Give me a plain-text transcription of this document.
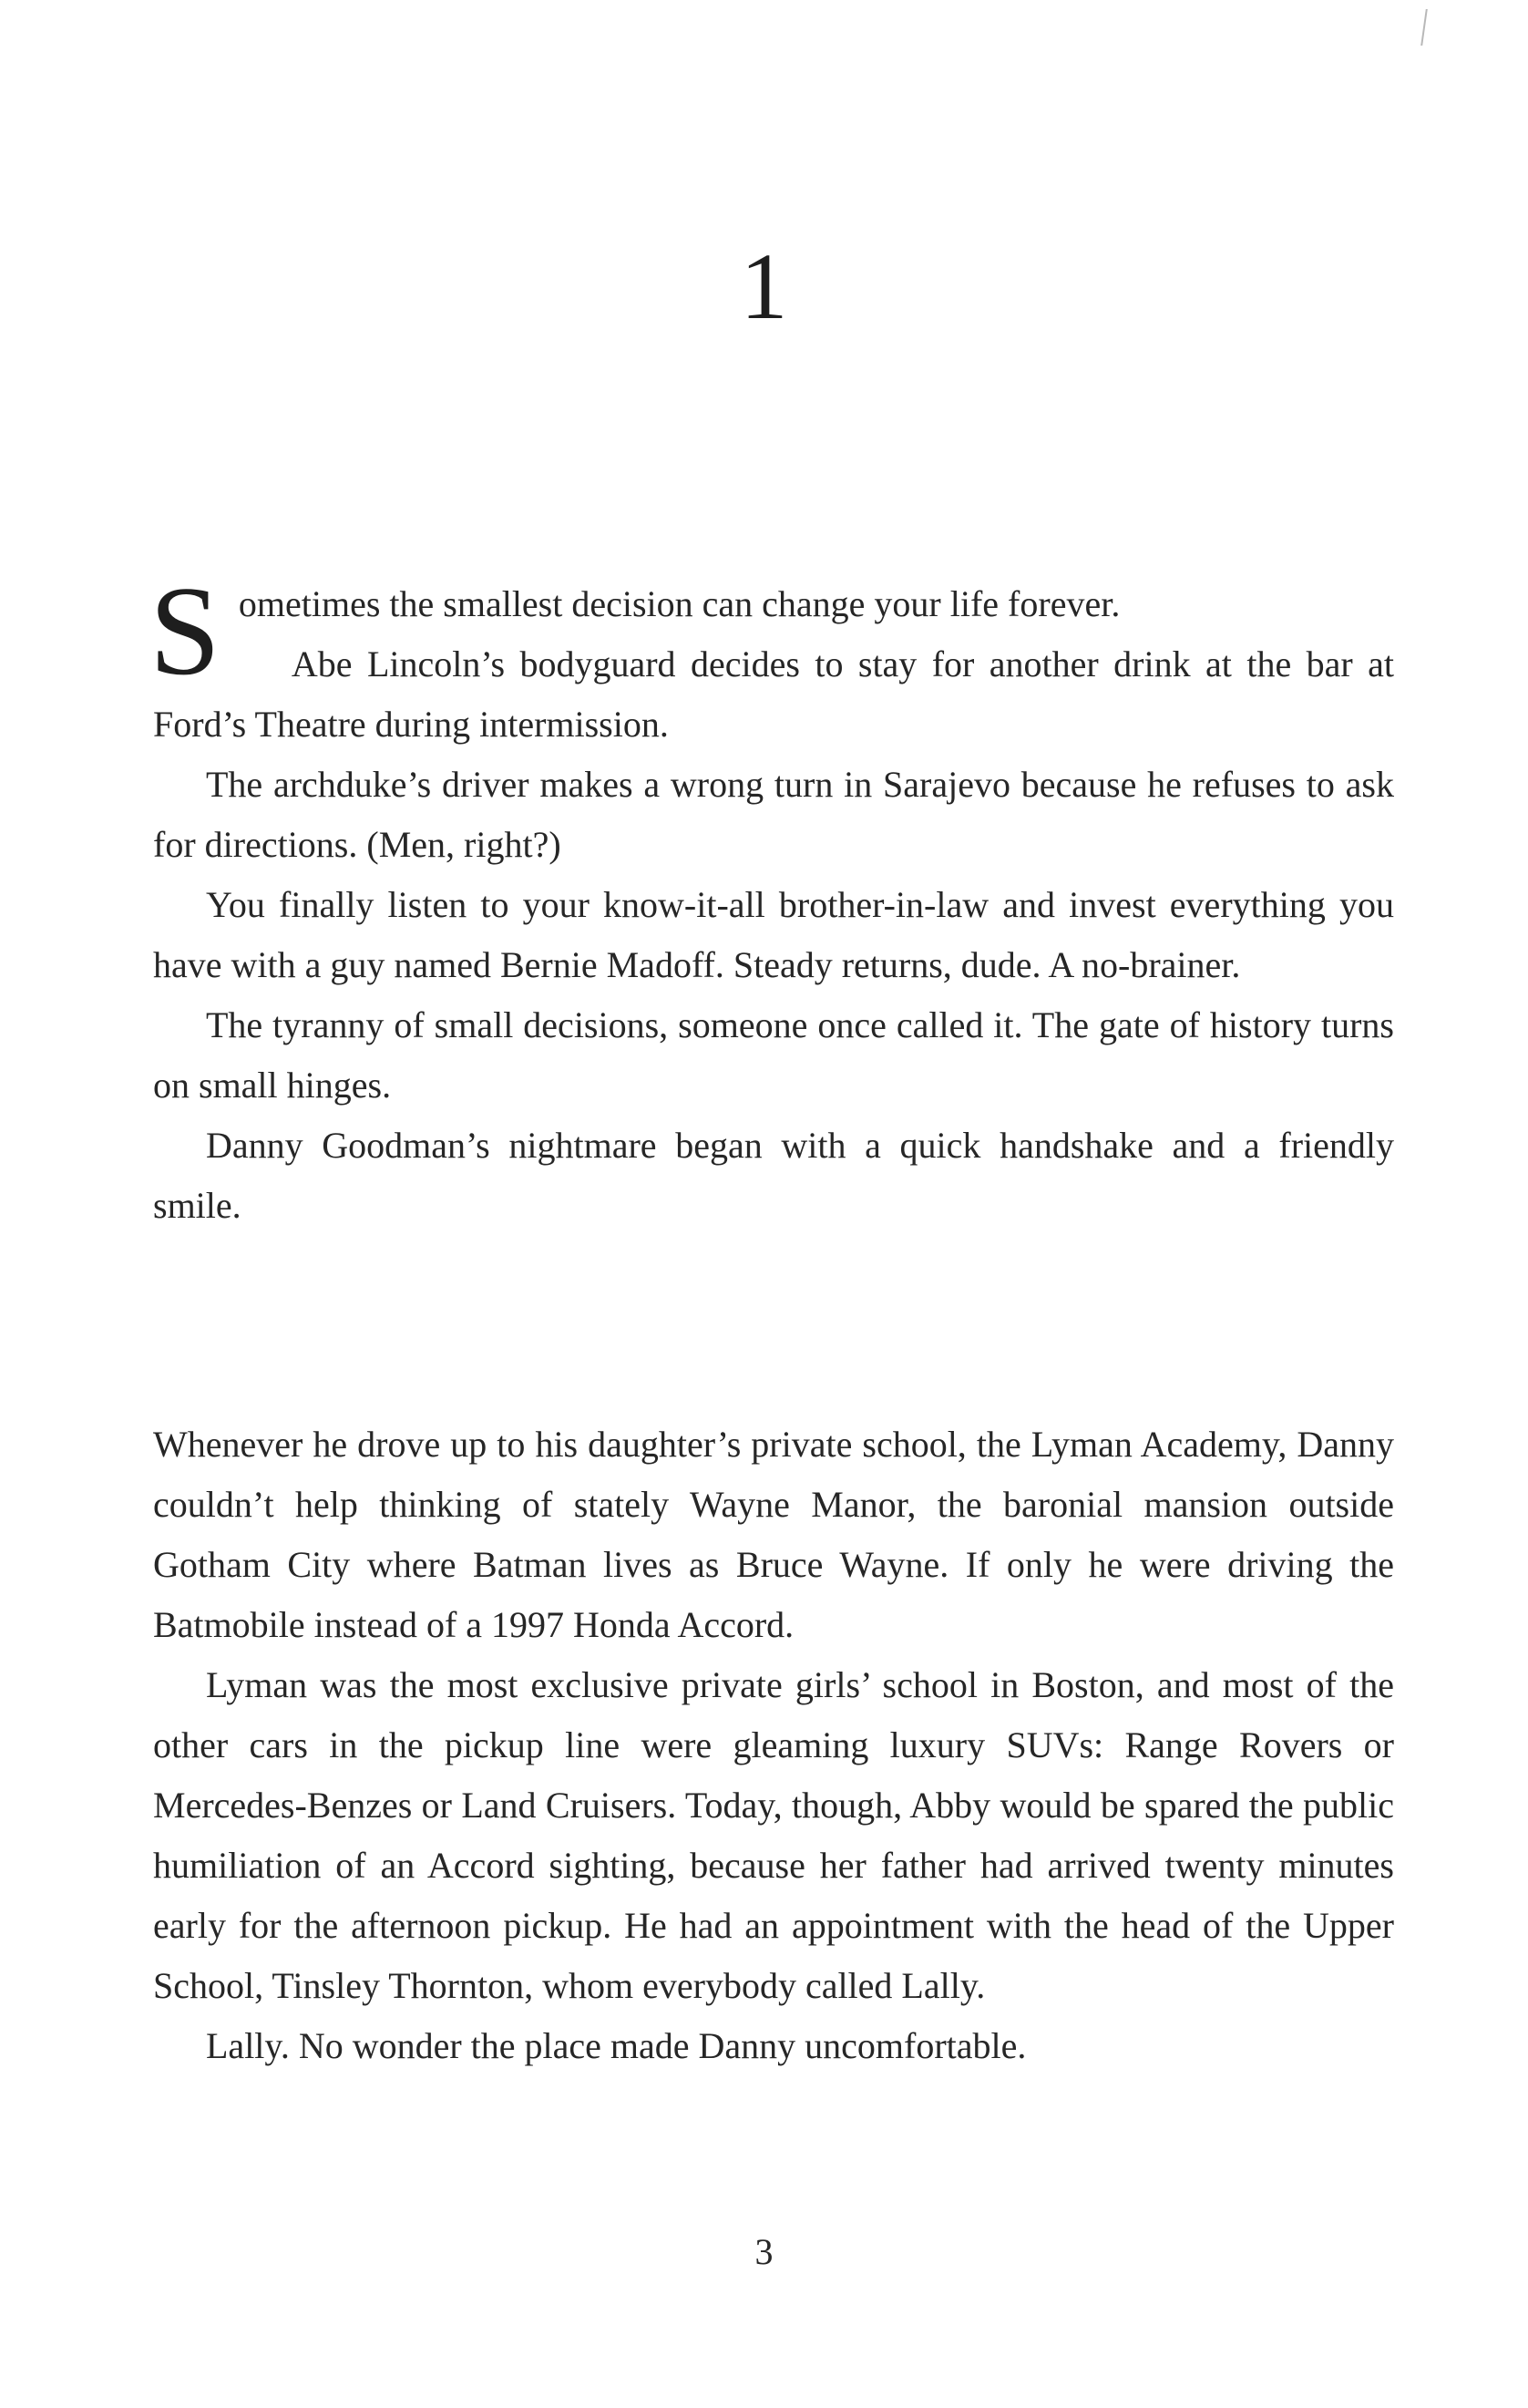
1

Sometimes the smallest decision can change your life forever.

Abe Lincoln’s bodyguard decides to stay for another drink at the bar at Ford’s Theatre during intermission.

The archduke’s driver makes a wrong turn in Sarajevo because he refuses to ask for directions. (Men, right?)

You finally listen to your know-it-all brother-in-law and invest everything you have with a guy named Bernie Madoff. Steady returns, dude. A no-brainer.

The tyranny of small decisions, someone once called it. The gate of history turns on small hinges.

Danny Goodman’s nightmare began with a quick handshake and a friendly smile.

Whenever he drove up to his daughter’s private school, the Lyman Academy, Danny couldn’t help thinking of stately Wayne Manor, the baronial mansion outside Gotham City where Batman lives as Bruce Wayne. If only he were driving the Batmobile instead of a 1997 Honda Accord.

Lyman was the most exclusive private girls’ school in Boston, and most of the other cars in the pickup line were gleaming luxury SUVs: Range Rovers or Mercedes-Benzes or Land Cruisers. Today, though, Abby would be spared the public humiliation of an Accord sighting, because her father had arrived twenty minutes early for the afternoon pickup. He had an appointment with the head of the Upper School, Tinsley Thornton, whom everybody called Lally.

Lally. No wonder the place made Danny uncomfortable.

3
